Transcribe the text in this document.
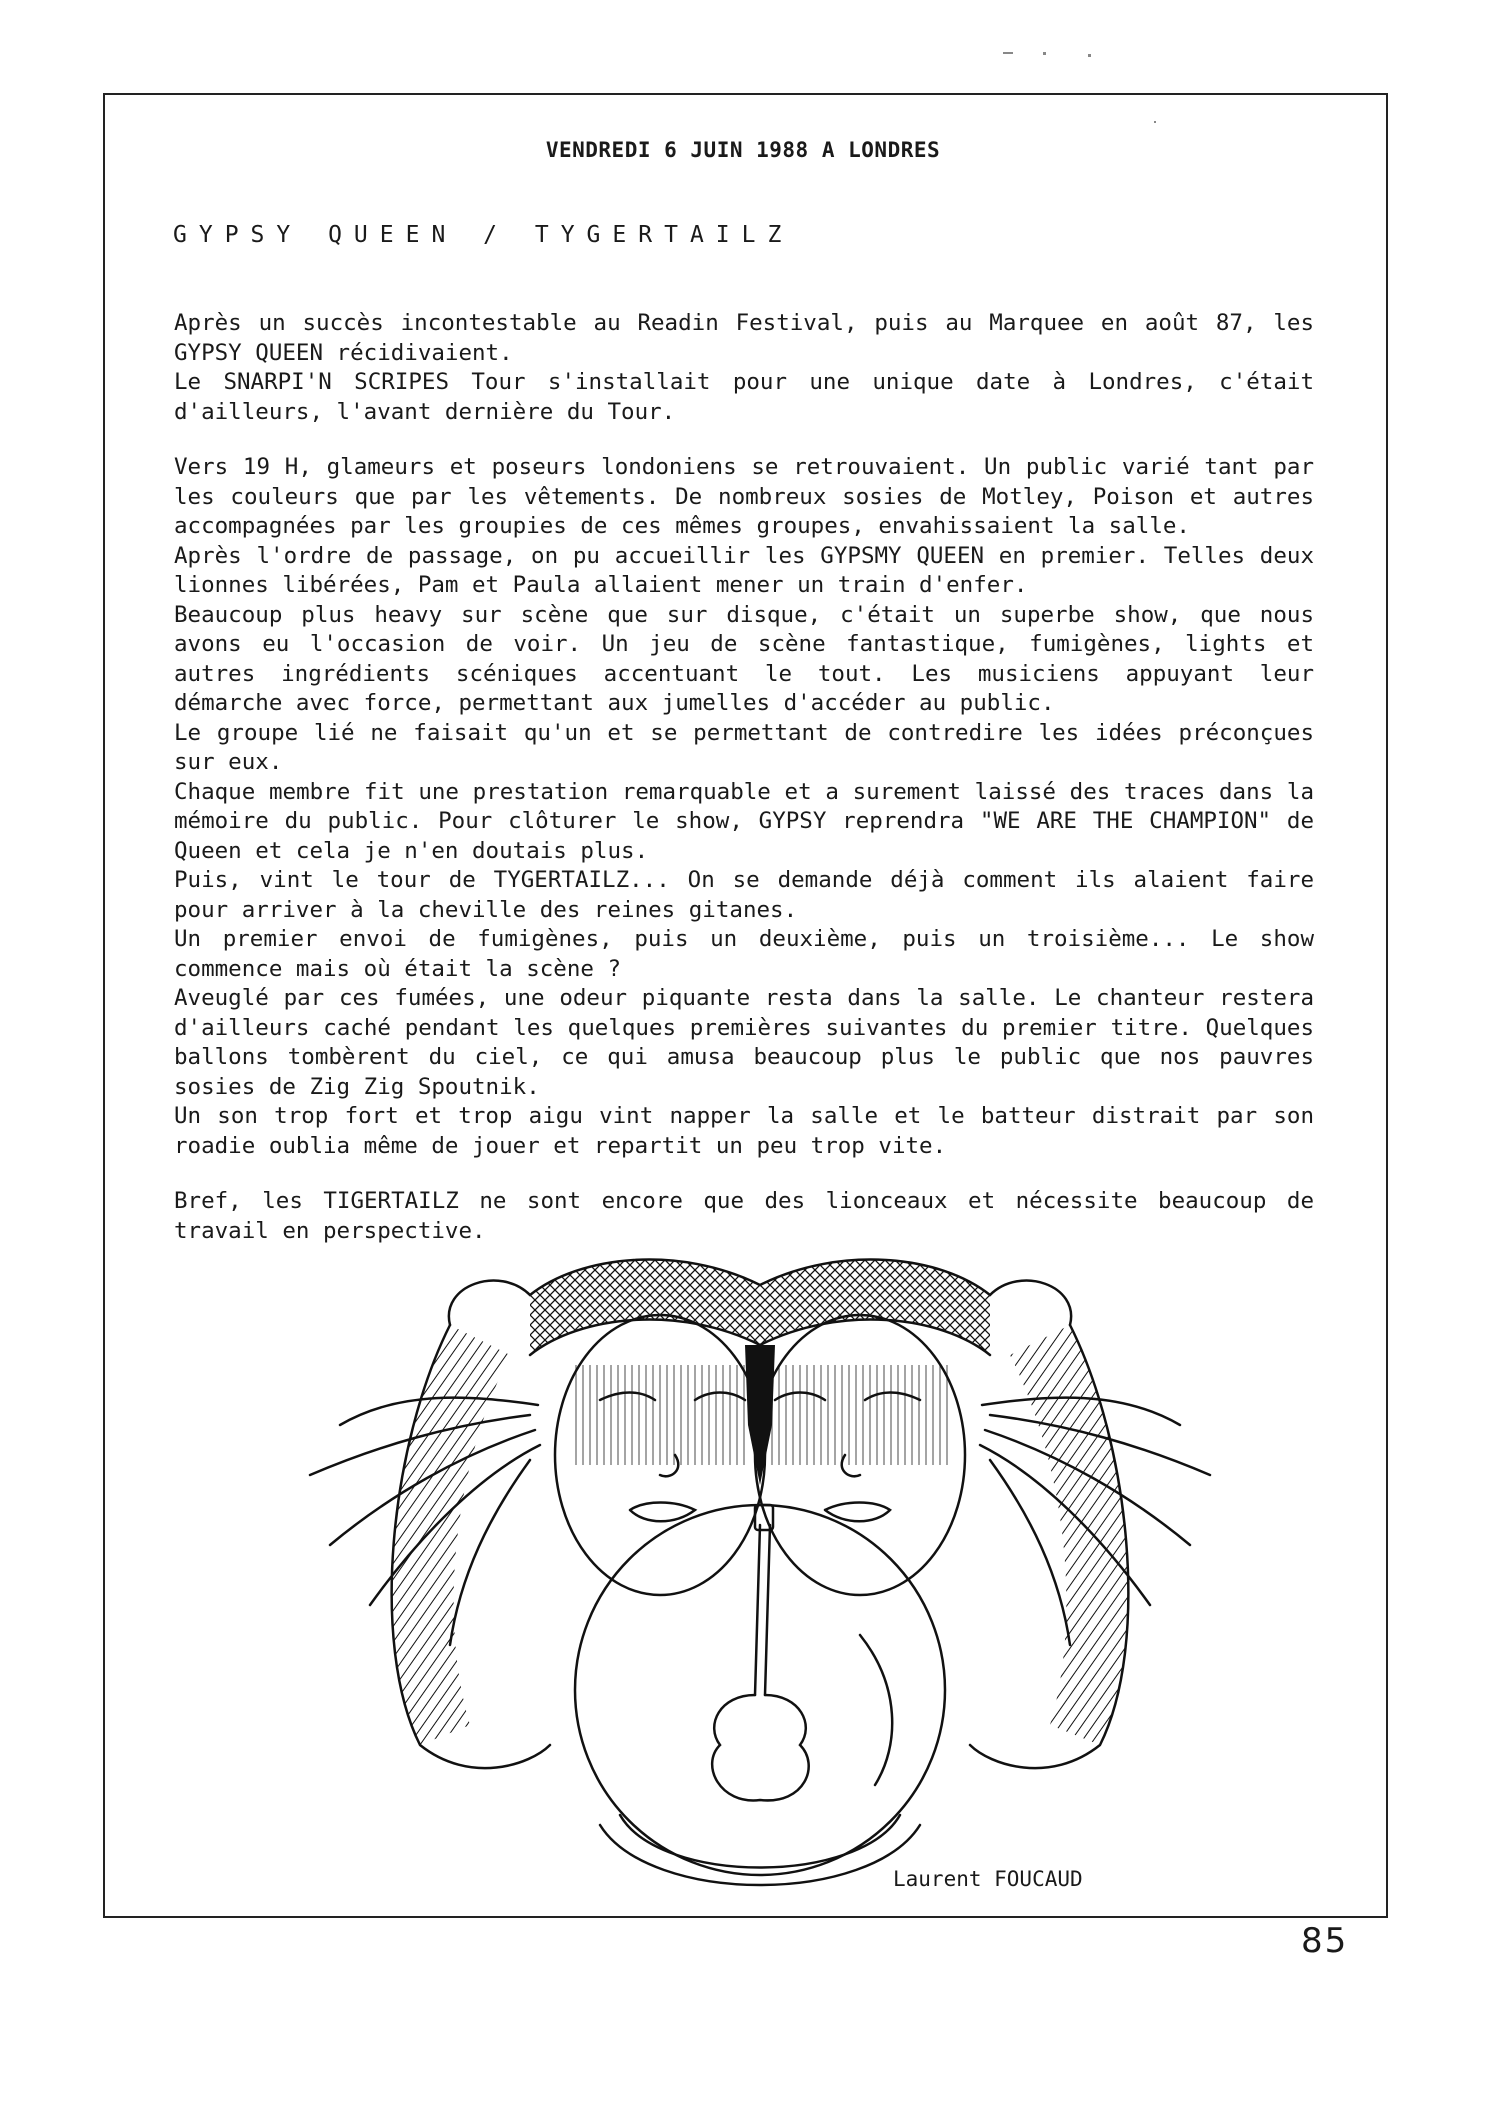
VENDREDI 6 JUIN 1988 A LONDRES
GYPSY QUEEN / TYGERTAILZ

Après un succès incontestable au Readin Festival, puis au Marquee en août 87, les GYPSY QUEEN récidivaient.

Le SNARPI'N SCRIPES Tour s'installait pour une unique date à Londres, c'était d'ailleurs, l'avant dernière du Tour.

Vers 19 H, glameurs et poseurs londoniens se retrouvaient. Un public varié tant par les couleurs que par les vêtements. De nombreux sosies de Motley, Poison et autres accompagnées par les groupies de ces mêmes groupes, envahissaient la salle.

Après l'ordre de passage, on pu accueillir les GYPSMY QUEEN en premier. Telles deux lionnes libérées, Pam et Paula allaient mener un train d'enfer.

Beaucoup plus heavy sur scène que sur disque, c'était un superbe show, que nous avons eu l'occasion de voir. Un jeu de scène fantastique, fumigènes, lights et autres ingrédients scéniques accentuant le tout. Les musiciens appuyant leur démarche avec force, permettant aux jumelles d'accéder au public.

Le groupe lié ne faisait qu'un et se permettant de contredire les idées préconçues sur eux.

Chaque membre fit une prestation remarquable et a surement laissé des traces dans la mémoire du public. Pour clôturer le show, GYPSY reprendra "WE ARE THE CHAMPION" de Queen et cela je n'en doutais plus.

Puis, vint le tour de TYGERTAILZ... On se demande déjà comment ils alaient faire pour arriver à la cheville des reines gitanes.

Un premier envoi de fumigènes, puis un deuxième, puis un troisième... Le show commence mais où était la scène ?

Aveuglé par ces fumées, une odeur piquante resta dans la salle. Le chanteur restera d'ailleurs caché pendant les quelques premières suivantes du premier titre. Quelques ballons tombèrent du ciel, ce qui amusa beaucoup plus le public que nos pauvres sosies de Zig Zig Spoutnik.

Un son trop fort et trop aigu vint napper la salle et le batteur distrait par son roadie oublia même de jouer et repartit un peu trop vite.

Bref, les TIGERTAILZ ne sont encore que des lionceaux et nécessite beaucoup de travail en perspective.

Laurent FOUCAUD
85
